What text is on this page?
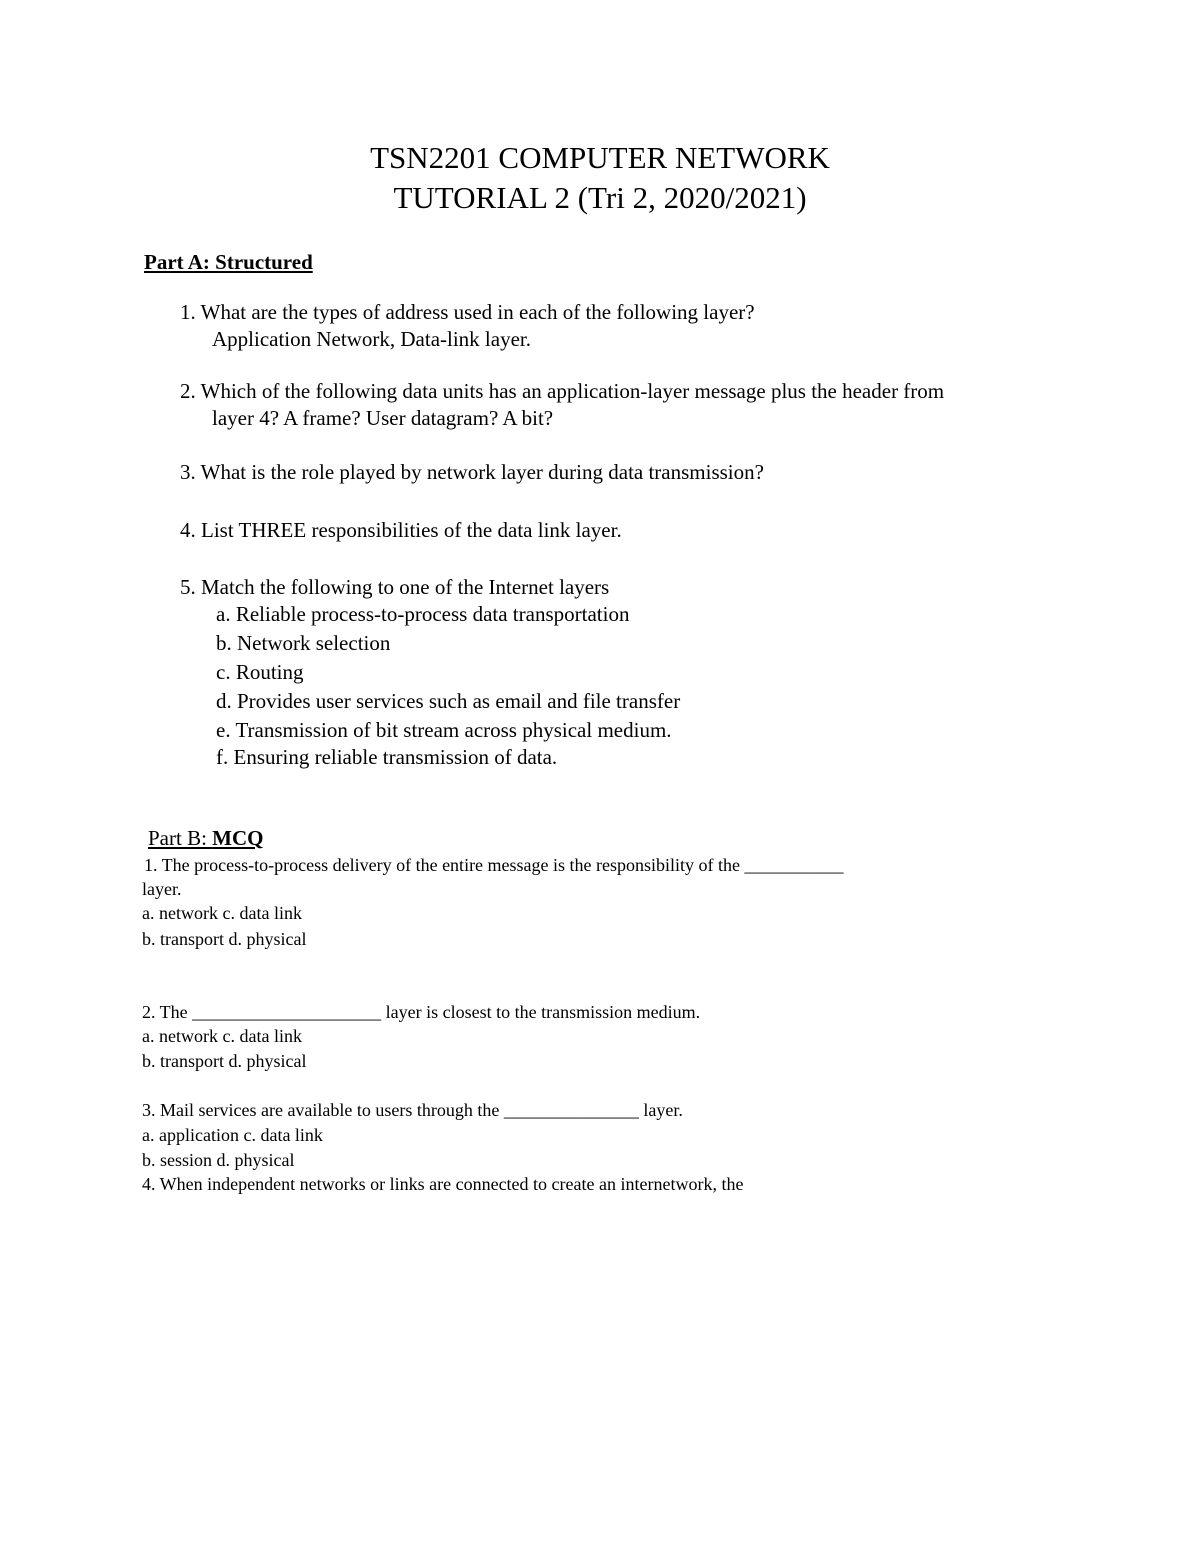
TSN2201 COMPUTER NETWORK
TUTORIAL 2 (Tri 2, 2020/2021)
Part A: Structured
1. What are the types of address used in each of the following layer?
Application Network, Data-link layer.
2. Which of the following data units has an application-layer message plus the header from
layer 4? A frame? User datagram? A bit?
3. What is the role played by network layer during data transmission?
4. List THREE responsibilities of the data link layer.
5. Match the following to one of the Internet layers
a. Reliable process-to-process data transportation
b. Network selection
c. Routing
d. Provides user services such as email and file transfer
e. Transmission of bit stream across physical medium.
f. Ensuring reliable transmission of data.
Part B: MCQ
1. The process-to-process delivery of the entire message is the responsibility of the ___________
layer.
a. network c. data link
b. transport d. physical
2. The _____________________ layer is closest to the transmission medium.
a. network c. data link
b. transport d. physical
3. Mail services are available to users through the _______________ layer.
a. application c. data link
b. session d. physical
4. When independent networks or links are connected to create an internetwork, the
